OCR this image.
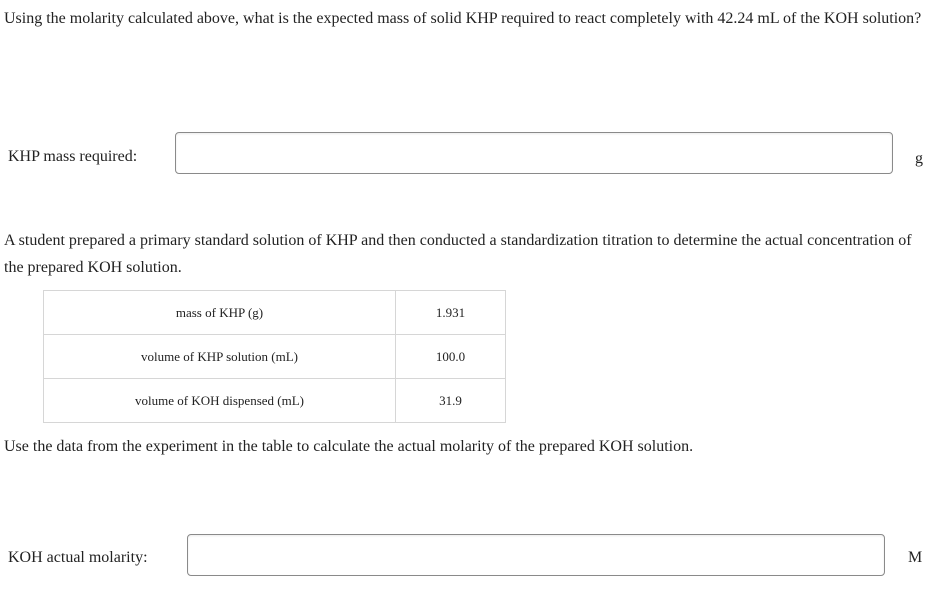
Using the molarity calculated above, what is the expected mass of solid KHP required to react completely with 42.24 mL of the KOH solution?

KHP mass required:	g

A student prepared a primary standard solution of KHP and then conducted a standardization titration to determine the actual concentration of the prepared KOH solution.

mass of KHP (g)	1.931
volume of KHP solution (mL)	100.0
volume of KOH dispensed (mL)	31.9

Use the data from the experiment in the table to calculate the actual molarity of the prepared KOH solution.

KOH actual molarity:	M
